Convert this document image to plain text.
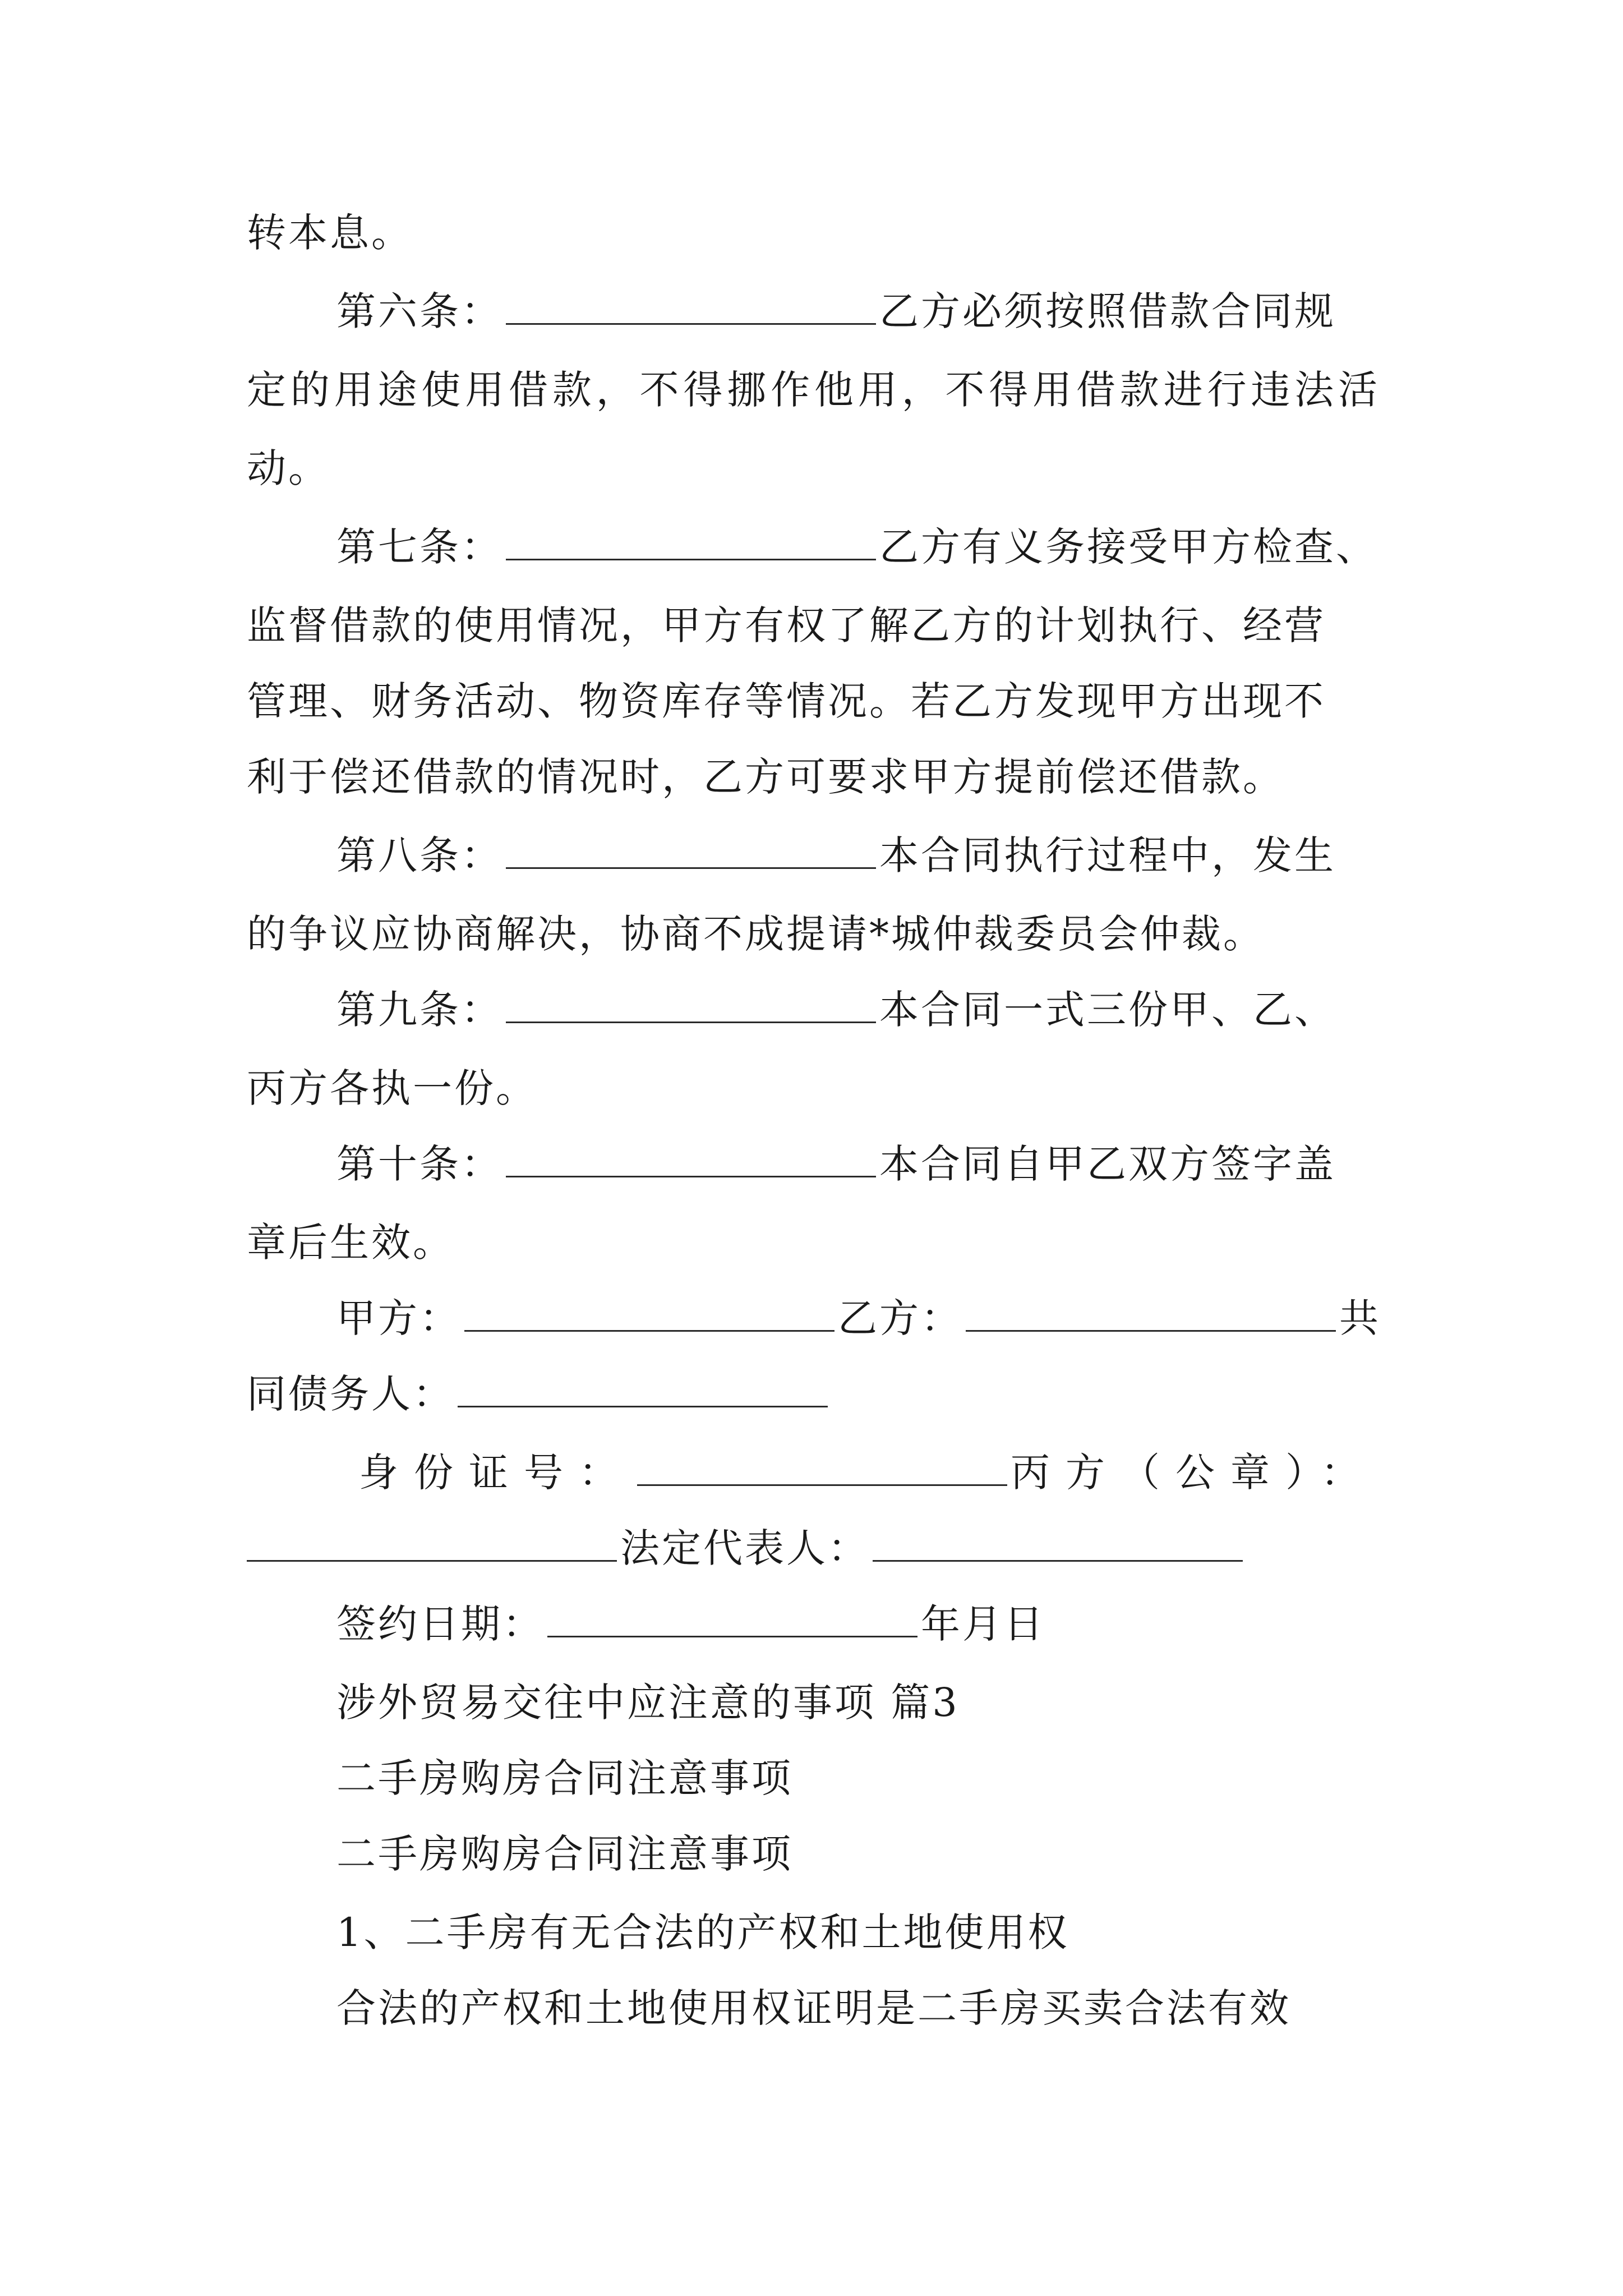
转本息。
第六条：	乙方必须按照借款合同规
定的用途使用借款，不得挪作他用，不得用借款进行违法活
动。
第七条：	乙方有义务接受甲方检查、
监督借款的使用情况，甲方有权了解乙方的计划执行、经营
管理、财务活动、物资库存等情况。若乙方发现甲方出现不
利于偿还借款的情况时，乙方可要求甲方提前偿还借款。
第八条：	本合同执行过程中，发生
的争议应协商解决，协商不成提请*城仲裁委员会仲裁。
第九条：	本合同一式三份甲、乙、
丙方各执一份。
第十条：	本合同自甲乙双方签字盖
章后生效。
甲方：	乙方：	共
同债务人：
身份证号：	丙方（公章）：
法定代表人：
签约日期：	年月日
涉外贸易交往中应注意的事项 篇3
二手房购房合同注意事项
二手房购房合同注意事项
1、二手房有无合法的产权和土地使用权
合法的产权和土地使用权证明是二手房买卖合法有效
